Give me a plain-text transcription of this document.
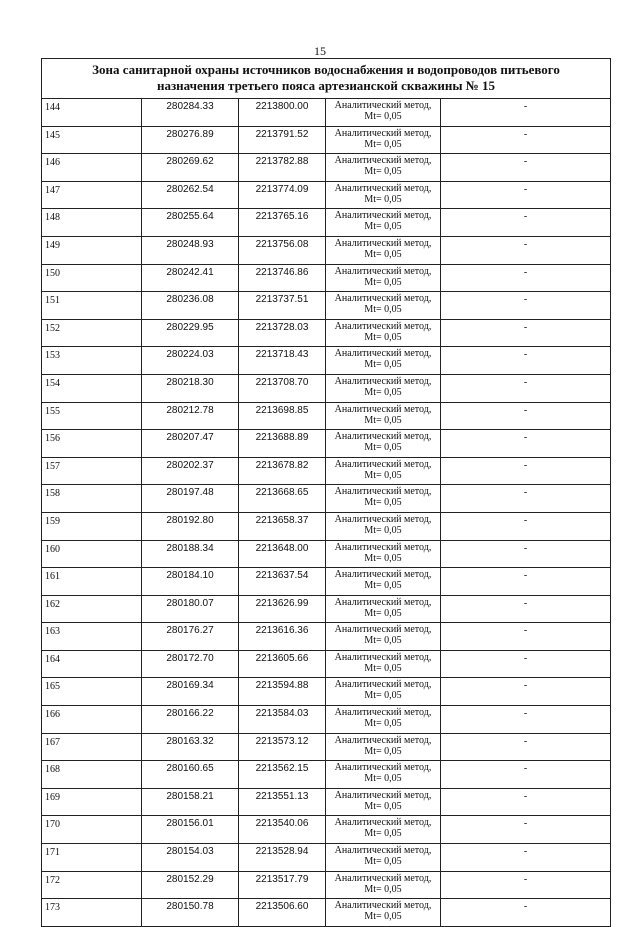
15
Зона санитарной охраны источников водоснабжения и водопроводов питьевого
назначения третьего пояса артезианской скважины № 15
144	280284.33	2213800.00	Аналитический метод,
Мt= 0,05	-
145	280276.89	2213791.52	Аналитический метод,
Мt= 0,05	-
146	280269.62	2213782.88	Аналитический метод,
Мt= 0,05	-
147	280262.54	2213774.09	Аналитический метод,
Мt= 0,05	-
148	280255.64	2213765.16	Аналитический метод,
Мt= 0,05	-
149	280248.93	2213756.08	Аналитический метод,
Мt= 0,05	-
150	280242.41	2213746.86	Аналитический метод,
Мt= 0,05	-
151	280236.08	2213737.51	Аналитический метод,
Мt= 0,05	-
152	280229.95	2213728.03	Аналитический метод,
Мt= 0,05	-
153	280224.03	2213718.43	Аналитический метод,
Мt= 0,05	-
154	280218.30	2213708.70	Аналитический метод,
Мt= 0,05	-
155	280212.78	2213698.85	Аналитический метод,
Мt= 0,05	-
156	280207.47	2213688.89	Аналитический метод,
Мt= 0,05	-
157	280202.37	2213678.82	Аналитический метод,
Мt= 0,05	-
158	280197.48	2213668.65	Аналитический метод,
Мt= 0,05	-
159	280192.80	2213658.37	Аналитический метод,
Мt= 0,05	-
160	280188.34	2213648.00	Аналитический метод,
Мt= 0,05	-
161	280184.10	2213637.54	Аналитический метод,
Мt= 0,05	-
162	280180.07	2213626.99	Аналитический метод,
Мt= 0,05	-
163	280176.27	2213616.36	Аналитический метод,
Мt= 0,05	-
164	280172.70	2213605.66	Аналитический метод,
Мt= 0,05	-
165	280169.34	2213594.88	Аналитический метод,
Мt= 0,05	-
166	280166.22	2213584.03	Аналитический метод,
Мt= 0,05	-
167	280163.32	2213573.12	Аналитический метод,
Мt= 0,05	-
168	280160.65	2213562.15	Аналитический метод,
Мt= 0,05	-
169	280158.21	2213551.13	Аналитический метод,
Мt= 0,05	-
170	280156.01	2213540.06	Аналитический метод,
Мt= 0,05	-
171	280154.03	2213528.94	Аналитический метод,
Мt= 0,05	-
172	280152.29	2213517.79	Аналитический метод,
Мt= 0,05	-
173	280150.78	2213506.60	Аналитический метод,
Мt= 0,05	-
